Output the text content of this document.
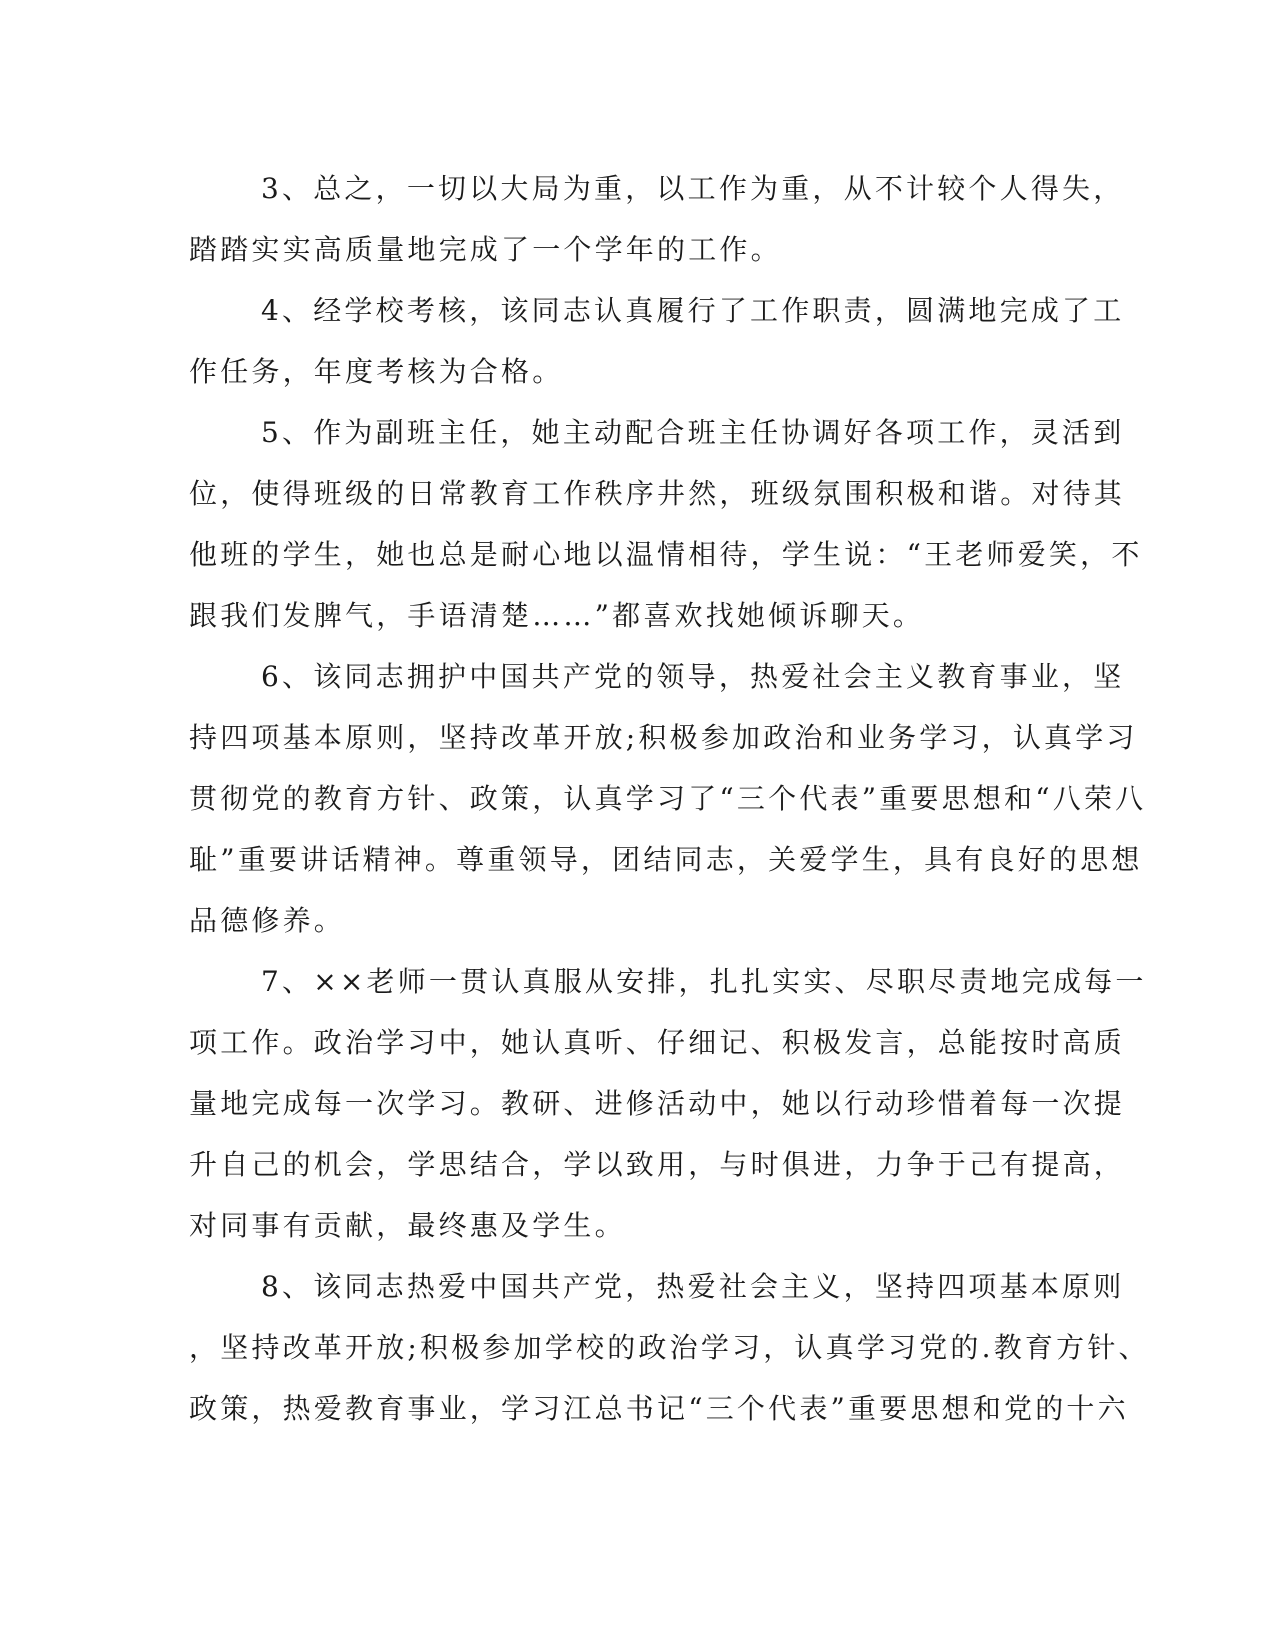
3、总之，一切以大局为重，以工作为重，从不计较个人得失，
踏踏实实高质量地完成了一个学年的工作。

4、经学校考核，该同志认真履行了工作职责，圆满地完成了工
作任务，年度考核为合格。

5、作为副班主任，她主动配合班主任协调好各项工作，灵活到
位，使得班级的日常教育工作秩序井然，班级氛围积极和谐。对待其
他班的学生，她也总是耐心地以温情相待，学生说：“王老师爱笑，不
跟我们发脾气，手语清楚……”都喜欢找她倾诉聊天。

6、该同志拥护中国共产党的领导，热爱社会主义教育事业，坚
持四项基本原则，坚持改革开放;积极参加政治和业务学习，认真学习
贯彻党的教育方针、政策，认真学习了“三个代表”重要思想和“八荣八
耻”重要讲话精神。尊重领导，团结同志，关爱学生，具有良好的思想
品德修养。

7、××老师一贯认真服从安排，扎扎实实、尽职尽责地完成每一
项工作。政治学习中，她认真听、仔细记、积极发言，总能按时高质
量地完成每一次学习。教研、进修活动中，她以行动珍惜着每一次提
升自己的机会，学思结合，学以致用，与时俱进，力争于己有提高，
对同事有贡献，最终惠及学生。

8、该同志热爱中国共产党，热爱社会主义，坚持四项基本原则
，坚持改革开放;积极参加学校的政治学习，认真学习党的.教育方针、
政策，热爱教育事业，学习江总书记“三个代表”重要思想和党的十六
